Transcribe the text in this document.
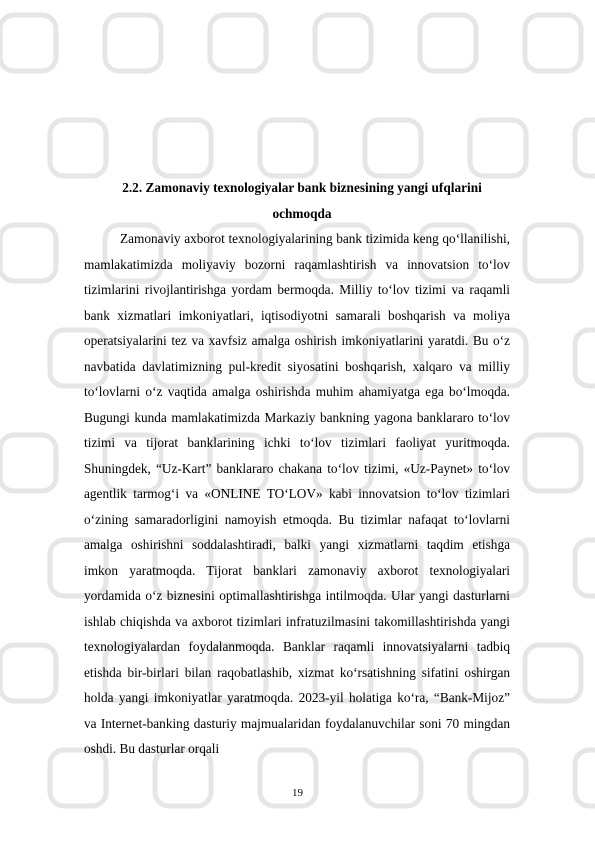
2.2. Zamonaviy texnologiyalar bank biznesining yangi ufqlarini
ochmoqda

Zamonaviy axborot texnologiyalarining bank tizimida keng qo‘llanilishi, mamlakatimizda moliyaviy bozorni raqamlashtirish va innovatsion to‘lov tizimlarini rivojlantirishga yordam bermoqda. Milliy to‘lov tizimi va raqamli bank xizmatlari imkoniyatlari, iqtisodiyotni samarali boshqarish va moliya operatsiyalarini tez va xavfsiz amalga oshirish imkoniyatlarini yaratdi. Bu o‘z navbatida davlatimizning pul-kredit siyosatini boshqarish, xalqaro va milliy to‘lovlarni o‘z vaqtida amalga oshirishda muhim ahamiyatga ega bo‘lmoqda. Bugungi kunda mamlakatimizda Markaziy bankning yagona banklararo to‘lov tizimi va tijorat banklarining ichki to‘lov tizimlari faoliyat yuritmoqda. Shuningdek, “Uz-Kart” banklararo chakana to‘lov tizimi, «Uz-Paynet» to‘lov agentlik tarmog‘i va «ONLINE TO‘LOV» kabi innovatsion to‘lov tizimlari o‘zining samaradorligini namoyish etmoqda. Bu tizimlar nafaqat to‘lovlarni amalga oshirishni soddalashtiradi, balki yangi xizmatlarni taqdim etishga imkon yaratmoqda. Tijorat banklari zamonaviy axborot texnologiyalari yordamida o‘z biznesini optimallashtirishga intilmoqda. Ular yangi dasturlarni ishlab chiqishda va axborot tizimlari infratuzilmasini takomillashtirishda yangi texnologiyalardan foydalanmoqda. Banklar raqamli innovatsiyalarni tadbiq etishda bir-birlari bilan raqobatlashib, xizmat ko‘rsatishning sifatini oshirgan holda yangi imkoniyatlar yaratmoqda. 2023-yil holatiga ko‘ra, “Bank-Mijoz” va Internet-banking dasturiy majmualaridan foydalanuvchilar soni 70 mingdan oshdi. Bu dasturlar orqali

19
